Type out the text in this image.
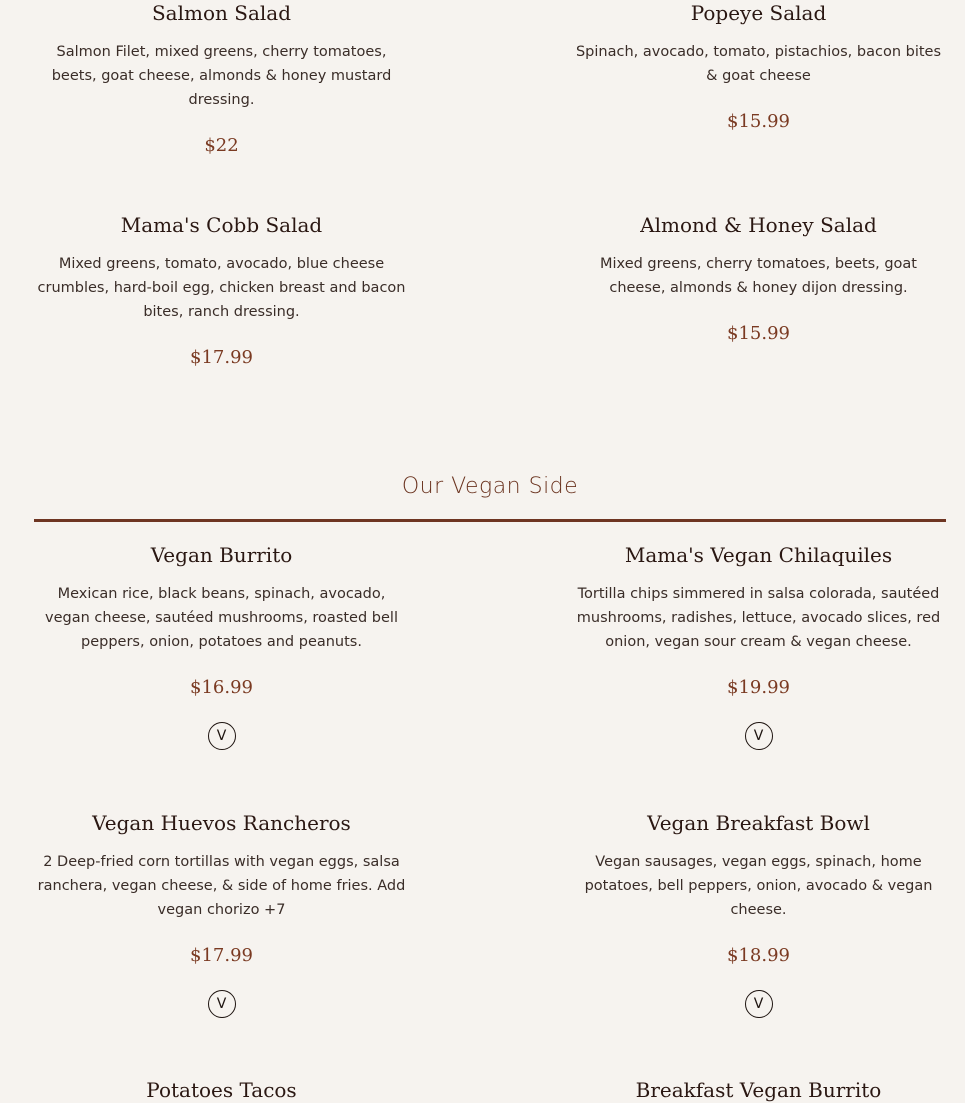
Salmon Salad
Salmon Filet, mixed greens, cherry tomatoes, beets, goat cheese, almonds & honey mustard dressing.
$22
Popeye Salad
Spinach, avocado, tomato, pistachios, bacon bites & goat cheese
$15.99
Mama's Cobb Salad
Mixed greens, tomato, avocado, blue cheese crumbles, hard-boil egg, chicken breast and bacon bites, ranch dressing.
$17.99
Almond & Honey Salad
Mixed greens, cherry tomatoes, beets, goat cheese, almonds & honey dijon dressing.
$15.99
Our Vegan Side
Vegan Burrito
Mexican rice, black beans, spinach, avocado, vegan cheese, sautéed mushrooms, roasted bell peppers, onion, potatoes and peanuts.
$16.99
V
Mama's Vegan Chilaquiles
Tortilla chips simmered in salsa colorada, sautéed mushrooms, radishes, lettuce, avocado slices, red onion, vegan sour cream & vegan cheese.
$19.99
V
Vegan Huevos Rancheros
2 Deep-fried corn tortillas with vegan eggs, salsa ranchera, vegan cheese, & side of home fries. Add vegan chorizo +7
$17.99
V
Vegan Breakfast Bowl
Vegan sausages, vegan eggs, spinach, home potatoes, bell peppers, onion, avocado & vegan cheese.
$18.99
V
Potatoes Tacos	Breakfast Vegan Burrito
